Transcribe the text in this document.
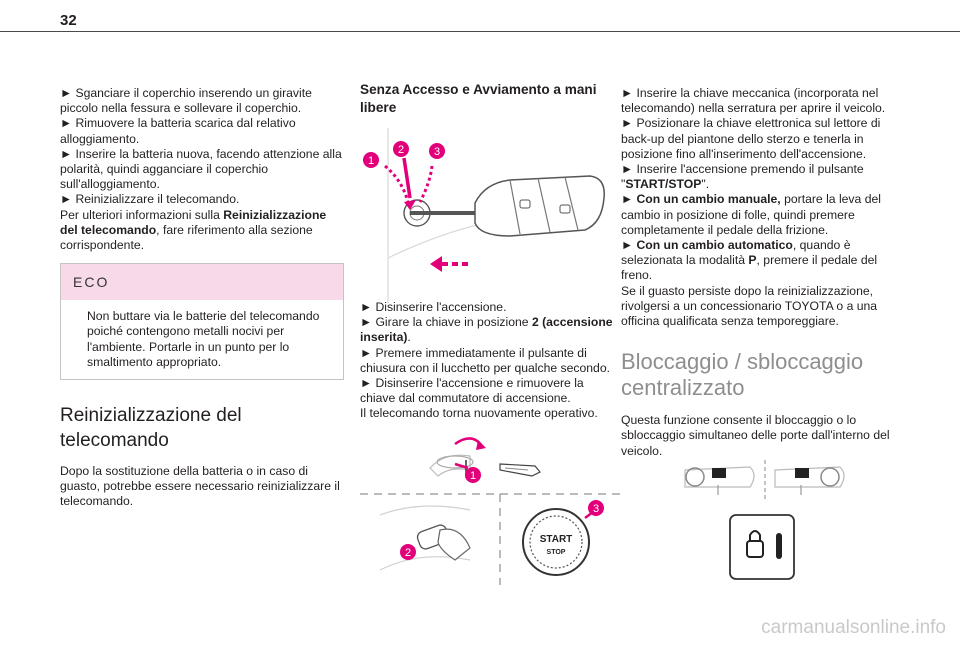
32

► Sganciare il coperchio inserendo un giravite piccolo nella fessura e sollevare il coperchio.

► Rimuovere la batteria scarica dal relativo alloggiamento.

► Inserire la batteria nuova, facendo attenzione alla polarità, quindi agganciare il coperchio sull'alloggiamento.

► Reinizializzare il telecomando.

Per ulteriori informazioni sulla Reinizializzazione del telecomando, fare riferimento alla sezione corrispondente.

ECO
Non buttare via le batterie del telecomando poiché contengono metalli nocivi per l'ambiente. Portarle in un punto per lo smaltimento appropriato.
Reinizializzazione del telecomando

Dopo la sostituzione della batteria o in caso di guasto, potrebbe essere necessario reinizializzare il telecomando.

Senza Accesso e Avviamento a mani libere
1
2	3

► Disinserire l'accensione.

► Girare la chiave in posizione 2 (accensione inserita).

► Premere immediatamente il pulsante di chiusura con il lucchetto per qualche secondo.

► Disinserire l'accensione e rimuovere la chiave dal commutatore di accensione.

Il telecomando torna nuovamente operativo.

1
2
START
STOP
3

► Inserire la chiave meccanica (incorporata nel telecomando) nella serratura per aprire il veicolo.

► Posizionare la chiave elettronica sul lettore di back-up del piantone dello sterzo e tenerla in posizione fino all'inserimento dell'accensione.

► Inserire l'accensione premendo il pulsante "START/STOP".

► Con un cambio manuale, portare la leva del cambio in posizione di folle, quindi premere completamente il pedale della frizione.

► Con un cambio automatico, quando è selezionata la modalità P, premere il pedale del freno.

Se il guasto persiste dopo la reinizializzazione, rivolgersi a un concessionario TOYOTA o a una officina qualificata senza temporeggiare.

Bloccaggio / sbloccaggio centralizzato

Questa funzione consente il bloccaggio o lo sbloccaggio simultaneo delle porte dall'interno del veicolo.

carmanualsonline.info
